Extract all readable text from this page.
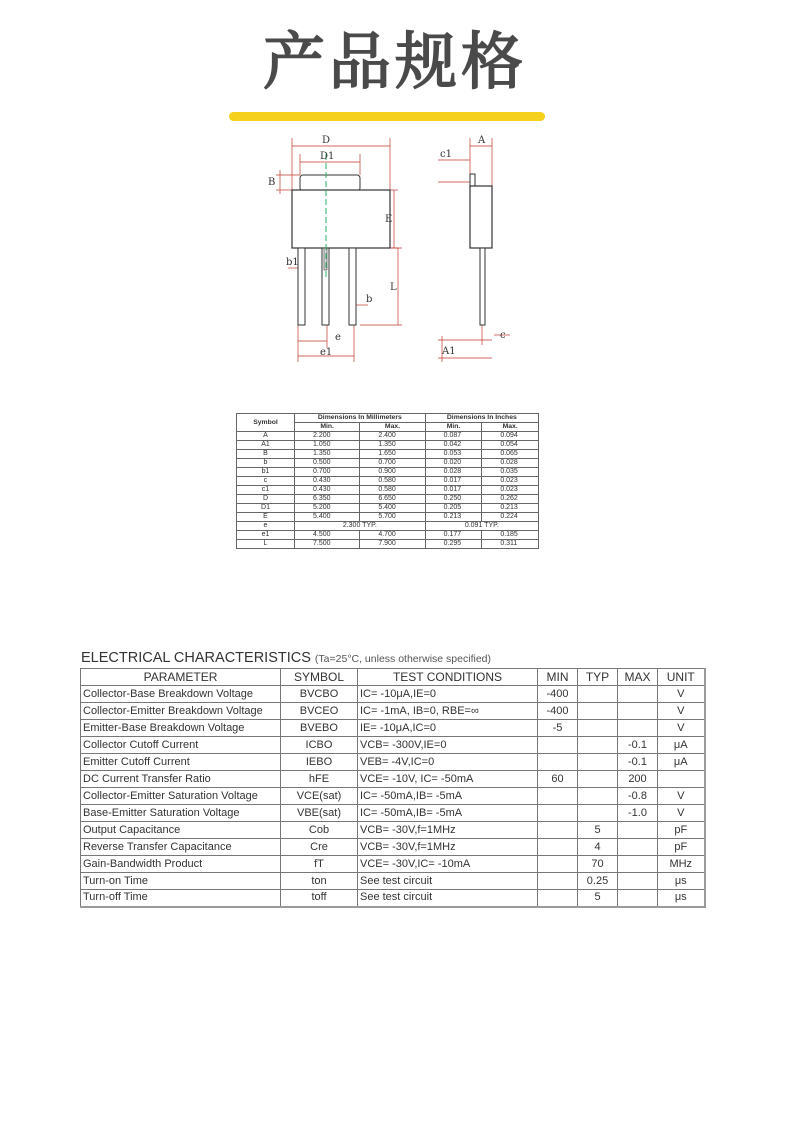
产品规格
D
D1
B
E
b1
b
L
e
e1
A
c1
A1
c
Symbol	Dimensions In Millimeters		Dimensions In Inches	
	Min.	Max.	Min.	Max.
A	2.200	2.400	0.087	0.094
A1	1.050	1.350	0.042	0.054
B	1.350	1.650	0.053	0.065
b	0.500	0.700	0.020	0.028
b1	0.700	0.900	0.028	0.035
c	0.430	0.580	0.017	0.023
c1	0.430	0.580	0.017	0.023
D	6.350	6.650	0.250	0.262
D1	5.200	5.400	0.205	0.213
E	5.400	5.700	0.213	0.224
e	2.300 TYP.		0.091 TYP.	
e1	4.500	4.700	0.177	0.185
L	7.500	7.900	0.295	0.311
ELECTRICAL CHARACTERISTICS (Ta=25°C, unless otherwise specified)
PARAMETER	SYMBOL	TEST CONDITIONS	MIN	TYP	MAX	UNIT
Collector-Base Breakdown Voltage	BVCBO	IC= -10μA,IE=0	-400			V
Collector-Emitter Breakdown Voltage	BVCEO	IC= -1mA, IB=0, RBE=∞	-400			V
Emitter-Base Breakdown Voltage	BVEBO	IE= -10μA,IC=0	-5			V
Collector Cutoff Current	ICBO	VCB= -300V,IE=0			-0.1	μA
Emitter Cutoff Current	IEBO	VEB= -4V,IC=0			-0.1	μA
DC Current Transfer Ratio	hFE	VCE= -10V, IC= -50mA	60		200	
Collector-Emitter Saturation Voltage	VCE(sat)	IC= -50mA,IB= -5mA			-0.8	V
Base-Emitter Saturation Voltage	VBE(sat)	IC= -50mA,IB= -5mA			-1.0	V
Output Capacitance	Cob	VCB= -30V,f=1MHz		5		pF
Reverse Transfer Capacitance	Cre	VCB= -30V,f=1MHz		4		pF
Gain-Bandwidth Product	fT	VCE= -30V,IC= -10mA		70		MHz
Turn-on Time	ton	See test circuit		0.25		μs
Turn-off Time	toff	See test circuit		5		μs
